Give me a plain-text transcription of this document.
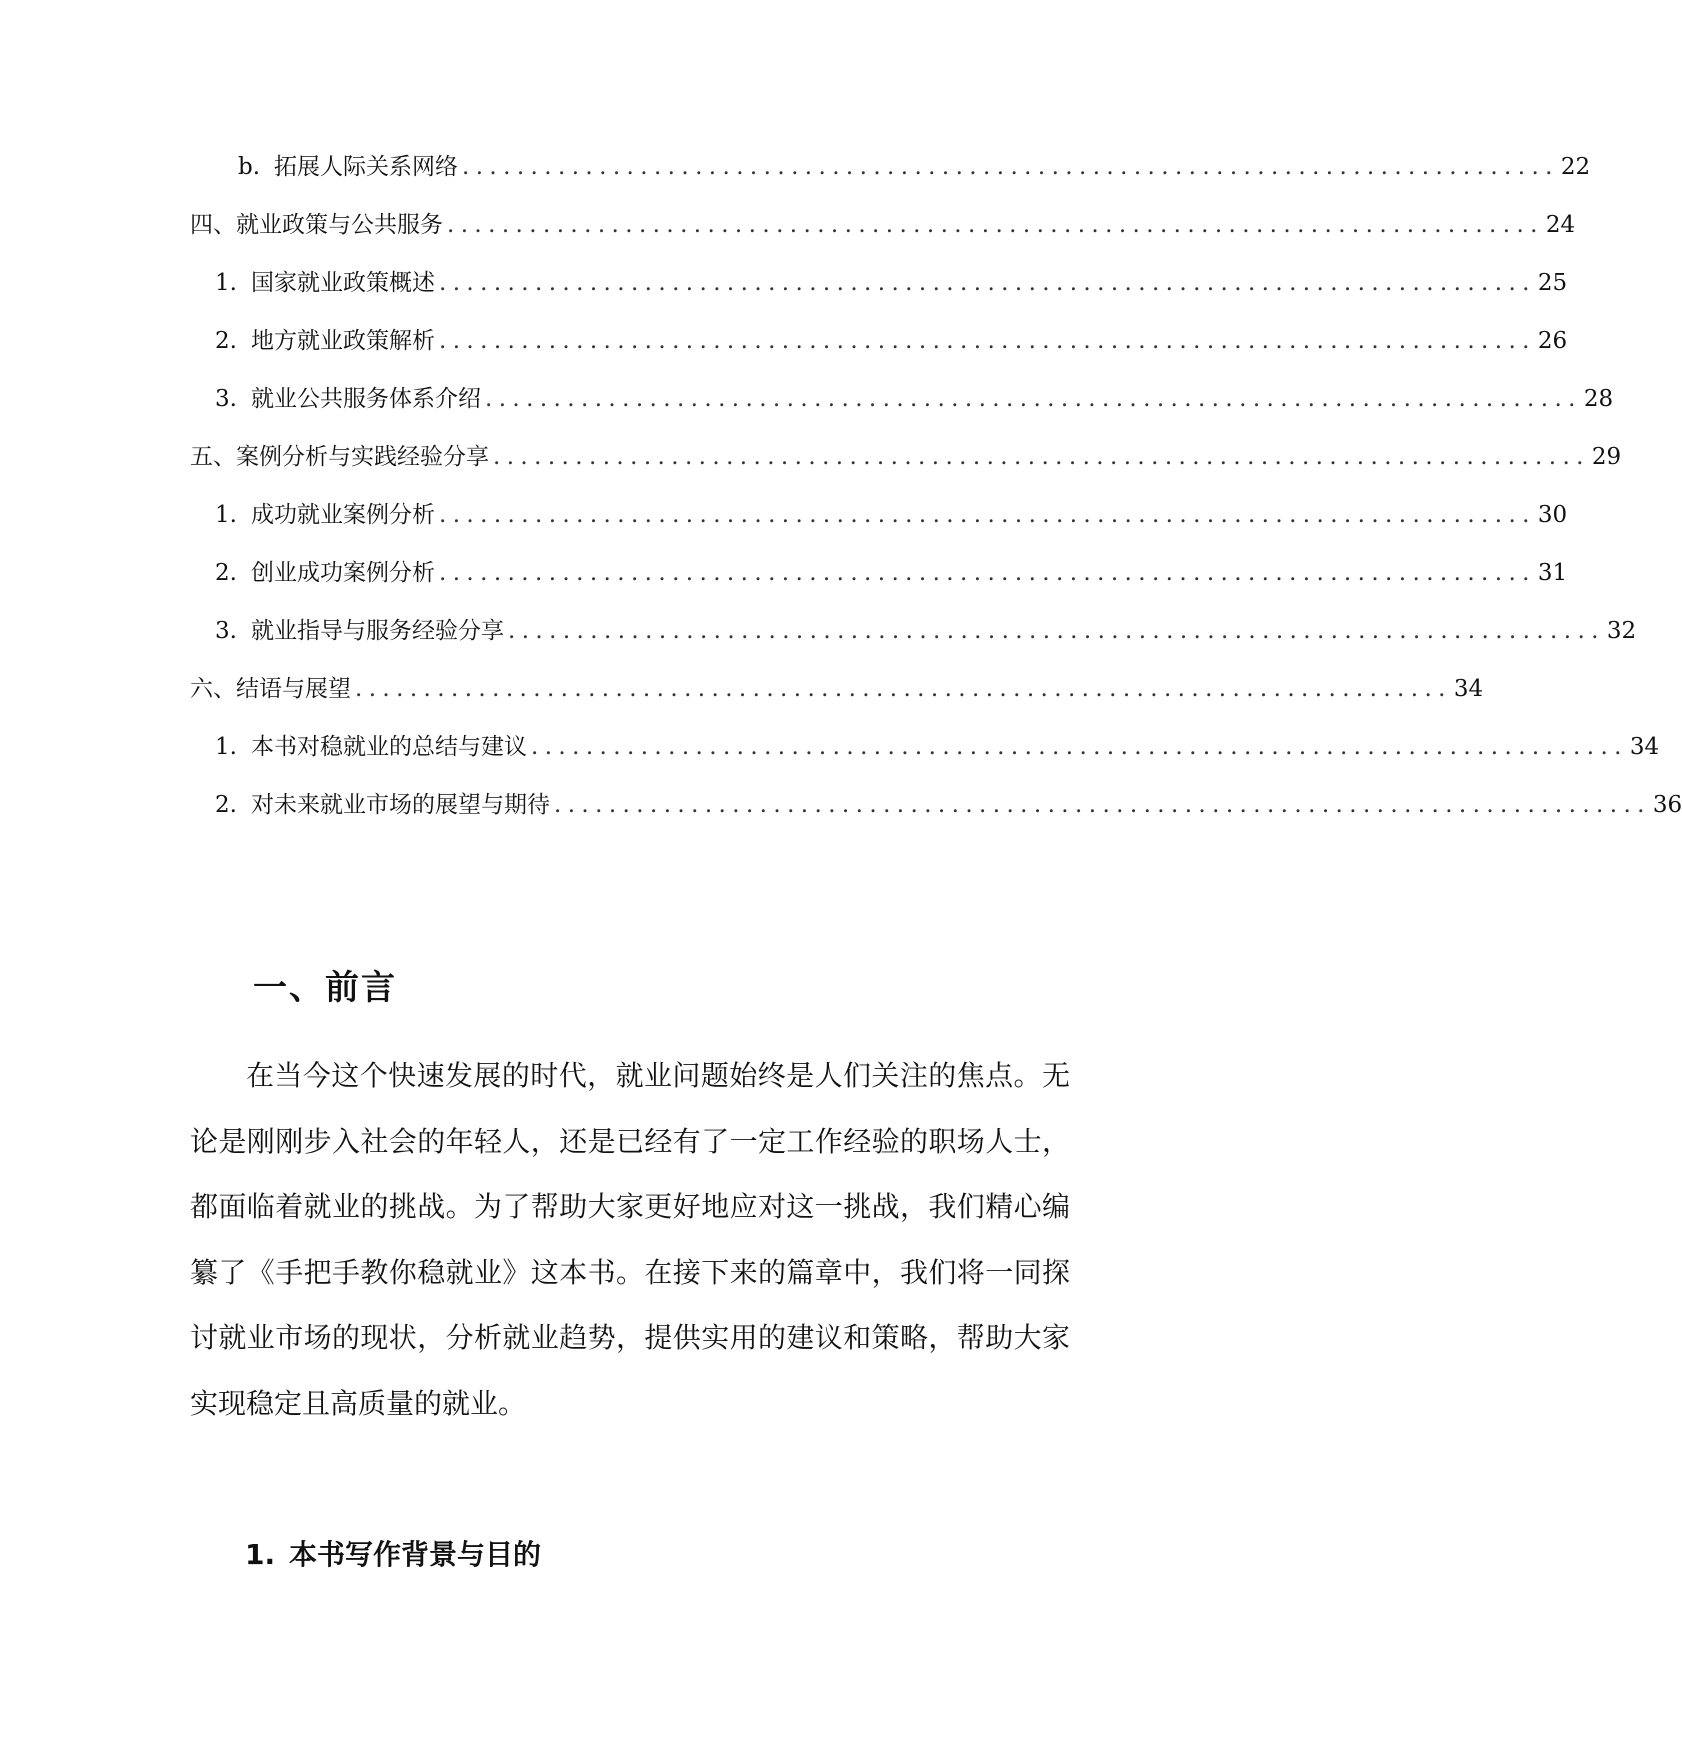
b. 拓展人际关系网络 ................................................................................ 22
四、就业政策与公共服务 ................................................................................ 24
1. 国家就业政策概述 ................................................................................ 25
2. 地方就业政策解析 ................................................................................ 26
3. 就业公共服务体系介绍 ................................................................................ 28
五、案例分析与实践经验分享 ................................................................................ 29
1. 成功就业案例分析 ................................................................................ 30
2. 创业成功案例分析 ................................................................................ 31
3. 就业指导与服务经验分享 ................................................................................ 32
六、结语与展望 ................................................................................ 34
1. 本书对稳就业的总结与建议 ................................................................................ 34
2. 对未来就业市场的展望与期待 ................................................................................ 36
一、前言

在当今这个快速发展的时代，就业问题始终是人们关注的焦点。无论是刚刚步入社会的年轻人，还是已经有了一定工作经验的职场人士，都面临着就业的挑战。为了帮助大家更好地应对这一挑战，我们精心编纂了《手把手教你稳就业》这本书。在接下来的篇章中，我们将一同探讨就业市场的现状，分析就业趋势，提供实用的建议和策略，帮助大家实现稳定且高质量的就业。

1. 本书写作背景与目的
